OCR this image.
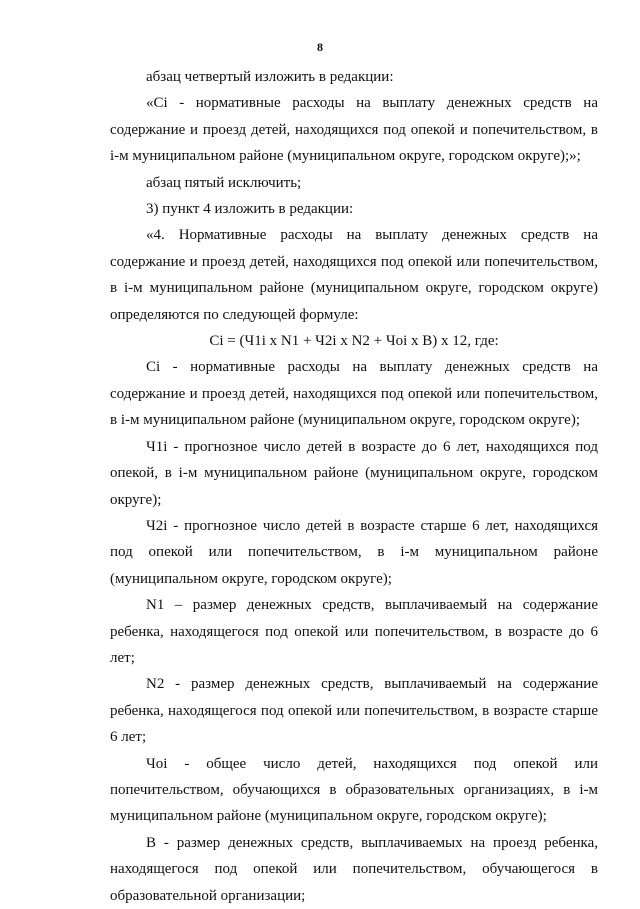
8

абзац четвертый изложить в редакции:

«Ci - нормативные расходы на выплату денежных средств на содержание и проезд детей, находящихся под опекой и попечительством, в i-м муниципальном районе (муниципальном округе, городском округе);»;

абзац пятый исключить;

3) пункт 4 изложить в редакции:

«4. Нормативные расходы на выплату денежных средств на содержание и проезд детей, находящихся под опекой или попечительством, в i-м муниципальном районе (муниципальном округе, городском округе) определяются по следующей формуле:

Ci = (Ч1i x N1 + Ч2i x N2 + Чoi x B) x 12, где:

Ci - нормативные расходы на выплату денежных средств на содержание и проезд детей, находящихся под опекой или попечительством, в i-м муниципальном районе (муниципальном округе, городском округе);

Ч1i - прогнозное число детей в возрасте до 6 лет, находящихся под опекой, в i-м муниципальном районе (муниципальном округе, городском округе);

Ч2i - прогнозное число детей в возрасте старше 6 лет, находящихся под опекой или попечительством, в i-м муниципальном районе (муниципальном округе, городском округе);

N1 – размер денежных средств, выплачиваемый на содержание ребенка, находящегося под опекой или попечительством, в возрасте до 6 лет;

N2 - размер денежных средств, выплачиваемый на содержание ребенка, находящегося под опекой или попечительством, в возрасте старше 6 лет;

Чoi - общее число детей, находящихся под опекой или попечительством, обучающихся в образовательных организациях, в i-м муниципальном районе (муниципальном округе, городском округе);

B - размер денежных средств, выплачиваемых на проезд ребенка, находящегося под опекой или попечительством, обучающегося в образовательной организации;
